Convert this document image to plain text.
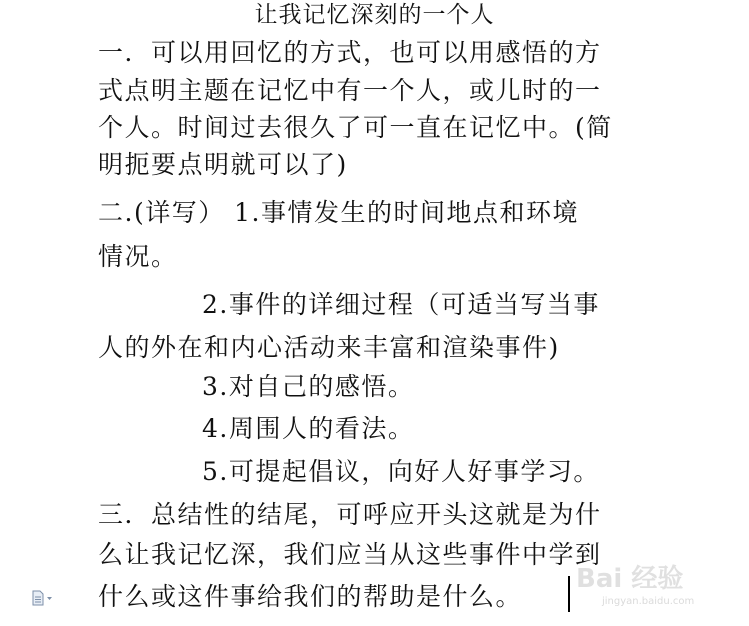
让我记忆深刻的一个人
一．可以用回忆的方式，也可以用感悟的方
式点明主题在记忆中有一个人，或儿时的一
个人。时间过去很久了可一直在记忆中。(简
明扼要点明就可以了)
二.(详写） 1.事情发生的时间地点和环境
情况。
2.事件的详细过程（可适当写当事
人的外在和内心活动来丰富和渲染事件)
3.对自己的感悟。
4.周围人的看法。
5.可提起倡议，向好人好事学习。
三．总结性的结尾，可呼应开头这就是为什
么让我记忆深，我们应当从这些事件中学到
什么或这件事给我们的帮助是什么。
Bai 经验
jingyan.baidu.com
